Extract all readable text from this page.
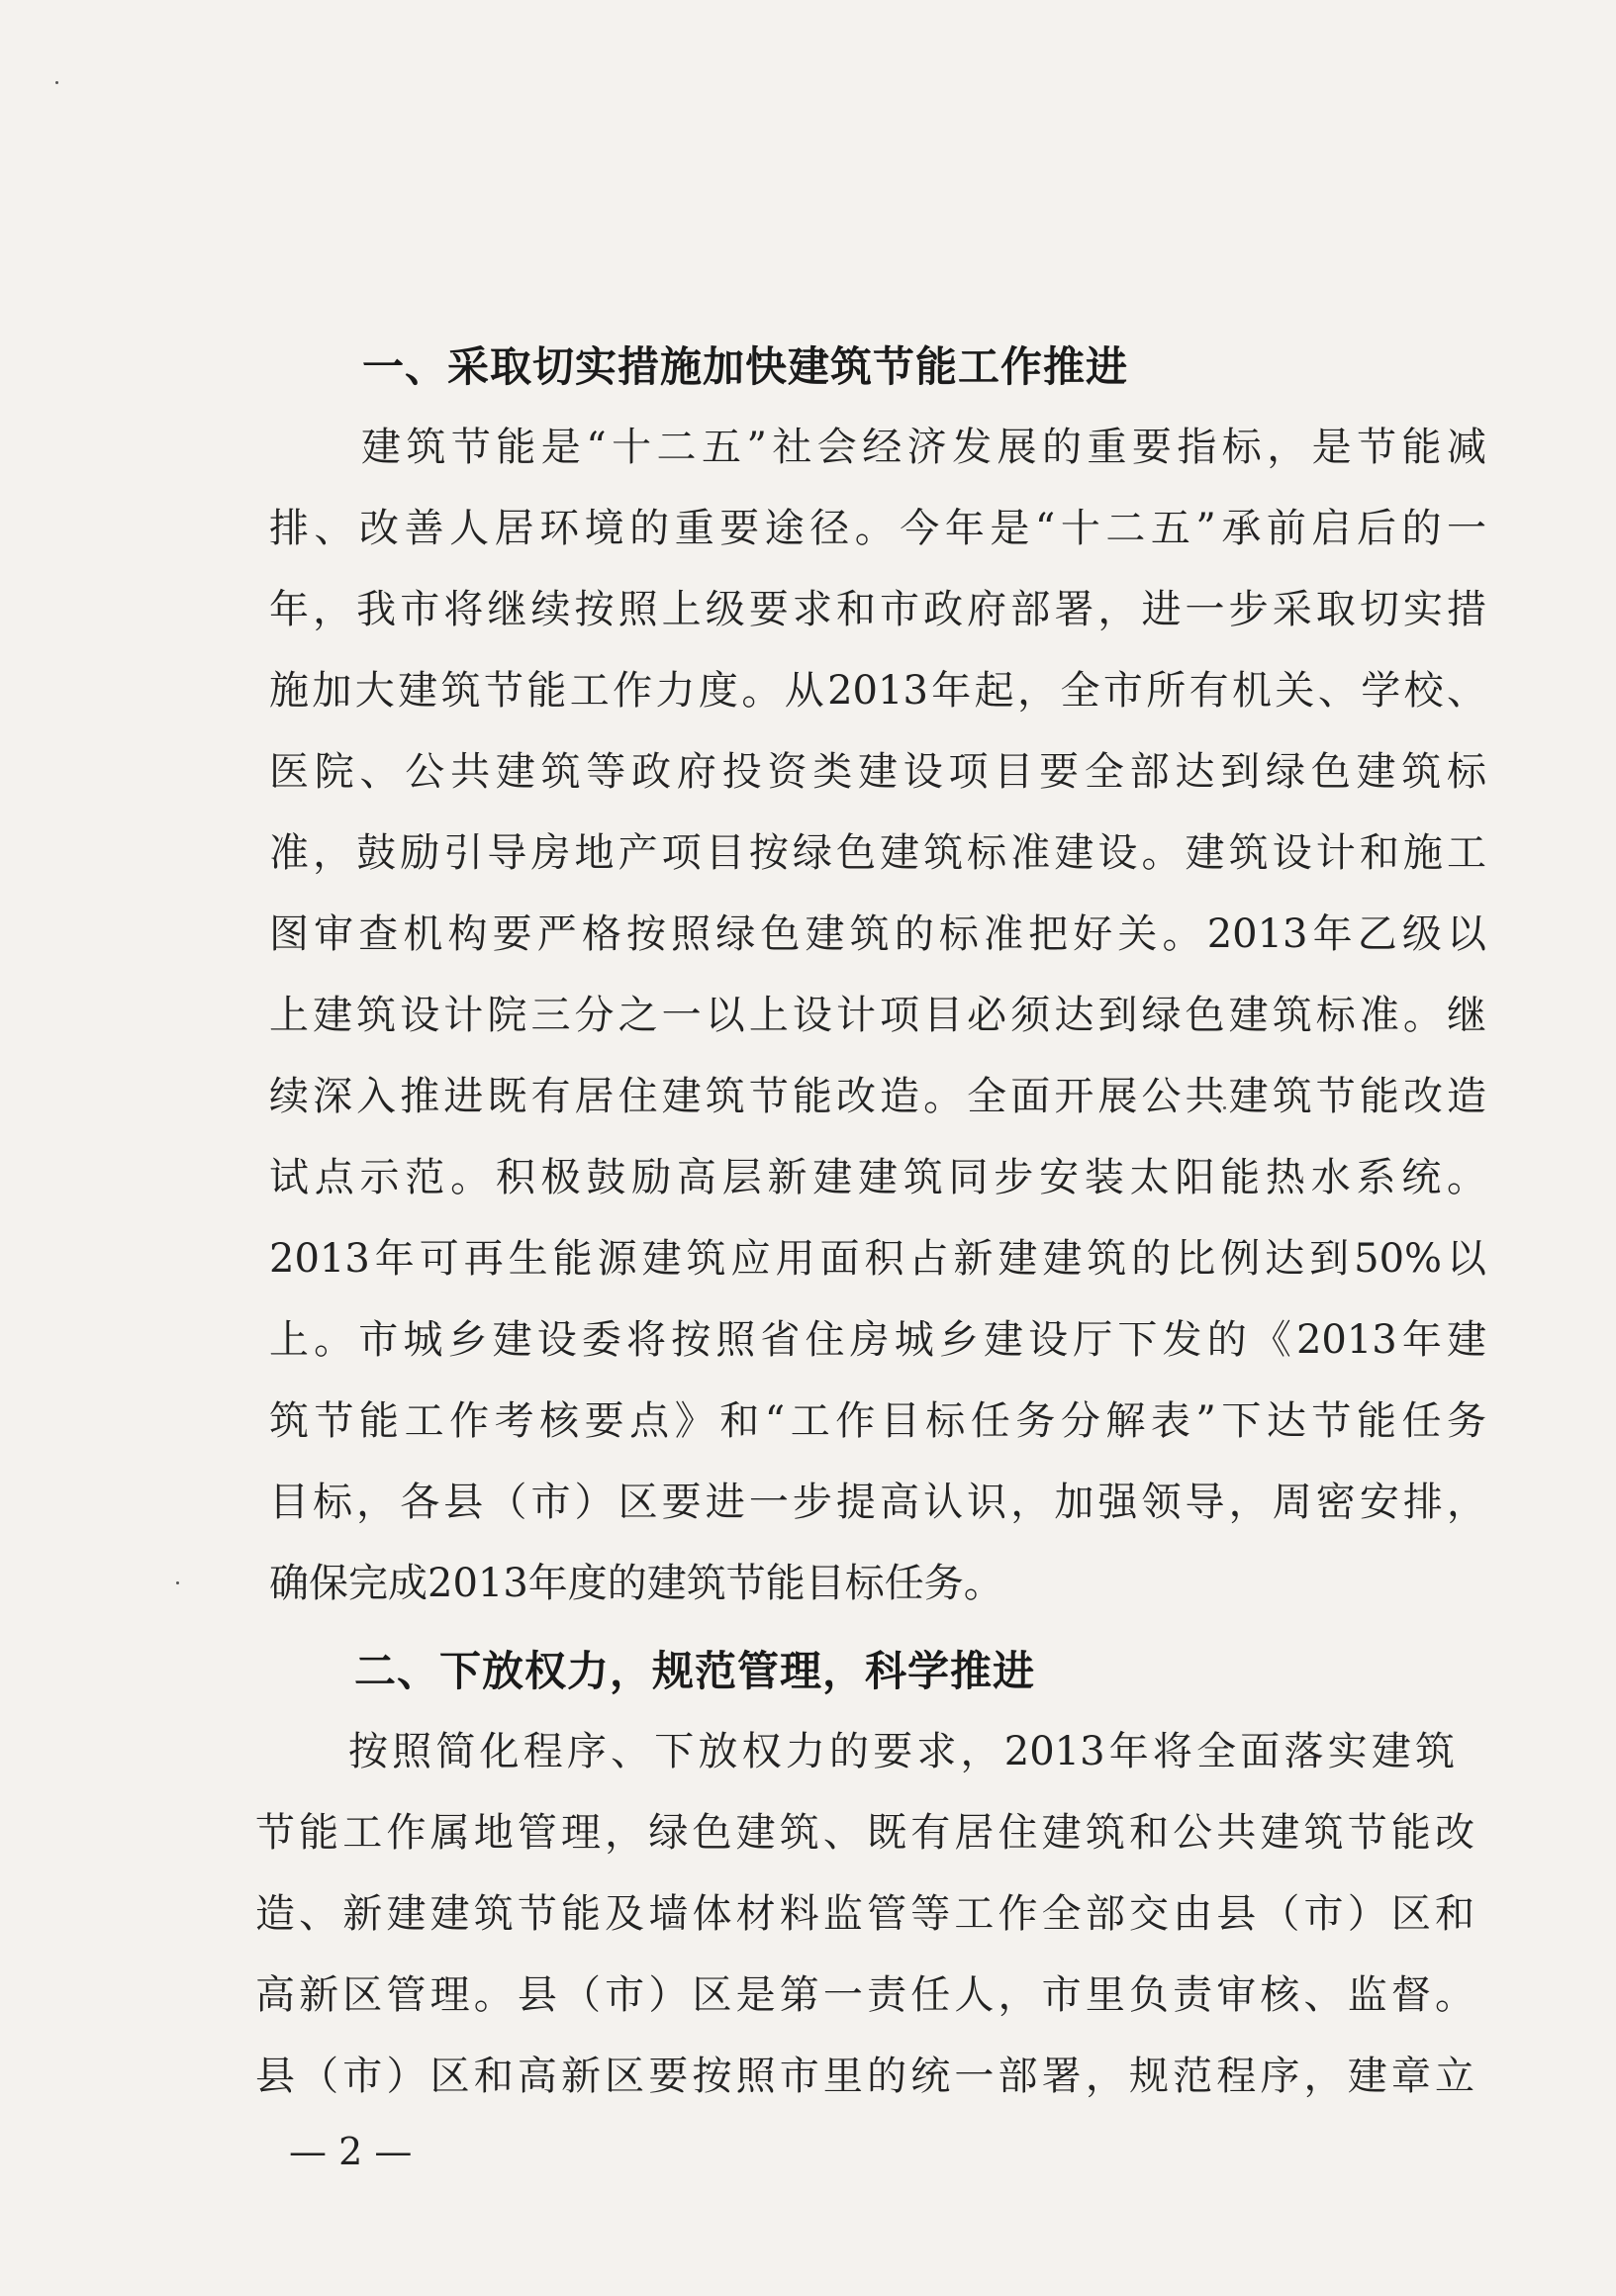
一、采取切实措施加快建筑节能工作推进
建筑节能是“十二五”社会经济发展的重要指标，是节能减
排、改善人居环境的重要途径。今年是“十二五”承前启后的一
年，我市将继续按照上级要求和市政府部署，进一步采取切实措
施加大建筑节能工作力度。从2013年起，全市所有机关、学校、
医院、公共建筑等政府投资类建设项目要全部达到绿色建筑标
准，鼓励引导房地产项目按绿色建筑标准建设。建筑设计和施工
图审查机构要严格按照绿色建筑的标准把好关。2013年乙级以
上建筑设计院三分之一以上设计项目必须达到绿色建筑标准。继
续深入推进既有居住建筑节能改造。全面开展公共建筑节能改造
试点示范。积极鼓励高层新建建筑同步安装太阳能热水系统。
2013年可再生能源建筑应用面积占新建建筑的比例达到50%以
上。市城乡建设委将按照省住房城乡建设厅下发的《2013年建
筑节能工作考核要点》和“工作目标任务分解表”下达节能任务
目标，各县（市）区要进一步提高认识，加强领导，周密安排，
确保完成2013年度的建筑节能目标任务。
二、下放权力，规范管理，科学推进
按照简化程序、下放权力的要求，2013年将全面落实建筑
节能工作属地管理，绿色建筑、既有居住建筑和公共建筑节能改
造、新建建筑节能及墙体材料监管等工作全部交由县（市）区和
高新区管理。县（市）区是第一责任人，市里负责审核、监督。
县（市）区和高新区要按照市里的统一部署，规范程序，建章立
— 2 —
